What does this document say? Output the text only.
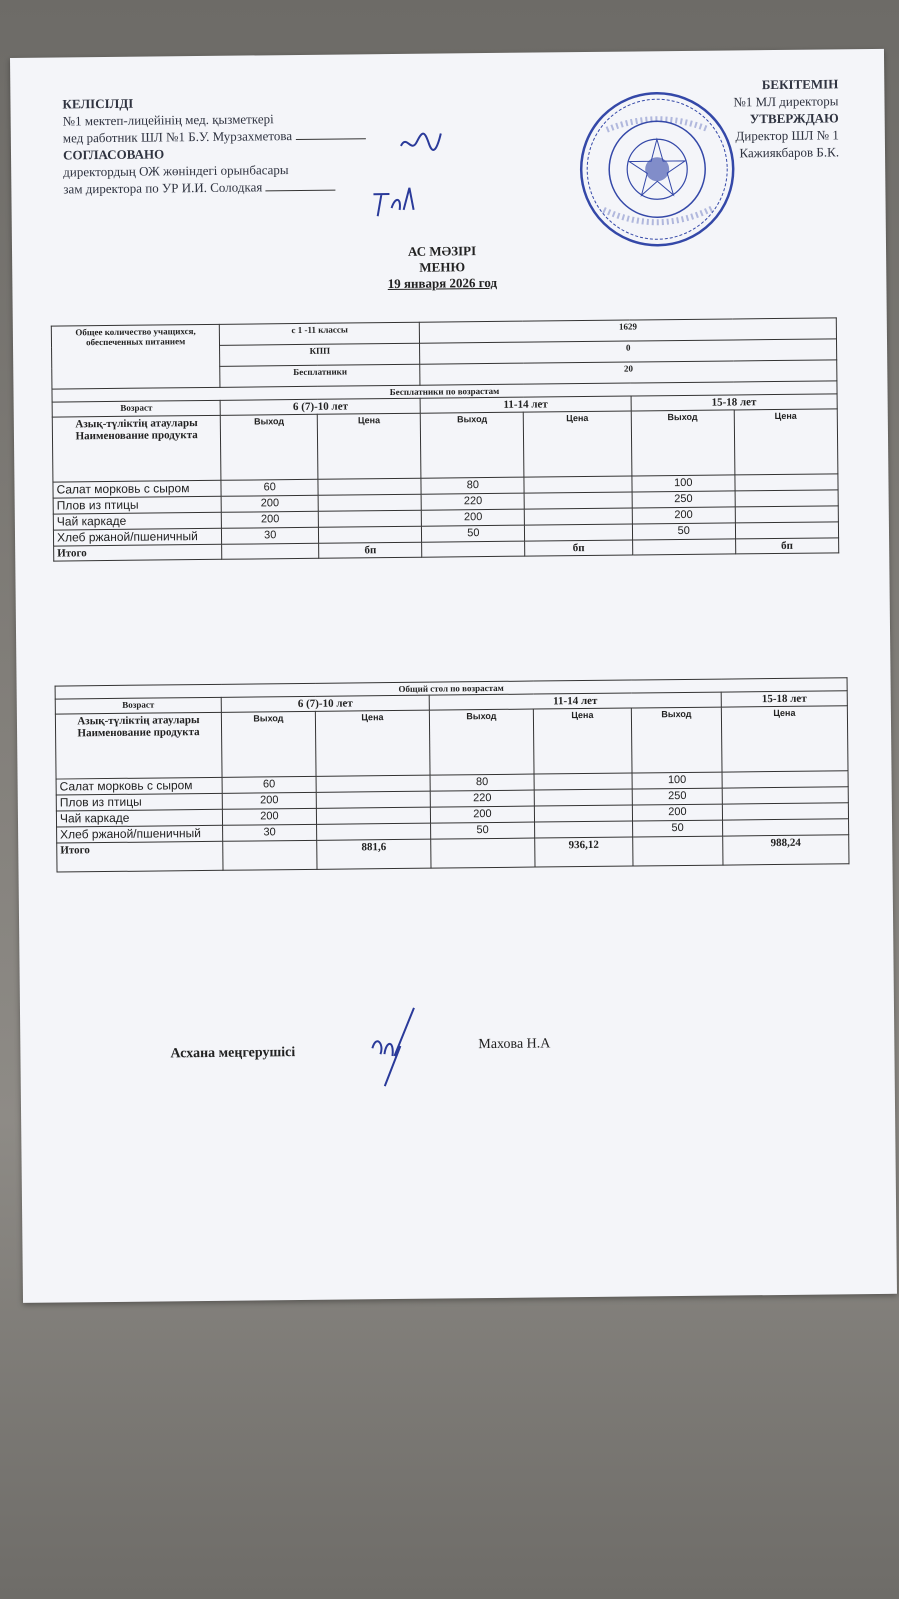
КЕЛІСІЛДІ
№1 мектеп-лицейінің мед. қызметкері
мед работник ШЛ №1 Б.У. Мурзахметова
СОГЛАСОВАНО
директордың ОЖ жөніндегі орынбасары
зам директора по УР И.И. Солодкая
БЕКІТЕМІН
№1 МЛ директоры
УТВЕРЖДАЮ
Директор ШЛ № 1
Кажиякбаров Б.К.
АС МӘЗІРІ
МЕНЮ
19 января 2026 год
Общее количество учащихся, обеспеченных питанием	с 1 -11 классы		1629			
	КПП		0			
	Бесплатники		20			
Бесплатники по возрастам						
Возраст	6 (7)-10 лет		11-14 лет		15-18 лет	
Азық-түліктің атаулары Наименование продукта	Выход	Цена	Выход	Цена	Выход	Цена
Салат морковь с сыром	60		80		100	
Плов из птицы	200		220		250	
Чай каркаде	200		200		200	
Хлеб ржаной/пшеничный	30		50		50	
Итого		бп		бп		бп
Общий стол по возрастам						
Возраст	6 (7)-10 лет		11-14 лет			15-18 лет
Азық-түліктің атаулары Наименование продукта	Выход	Цена	Выход	Цена	Выход	Цена
Салат морковь с сыром	60		80		100	
Плов из птицы	200		220		250	
Чай каркаде	200		200		200	
Хлеб ржаной/пшеничный	30		50		50	
Итого		881,6		936,12		988,24
Асхана меңгерушісі
Махова Н.А
